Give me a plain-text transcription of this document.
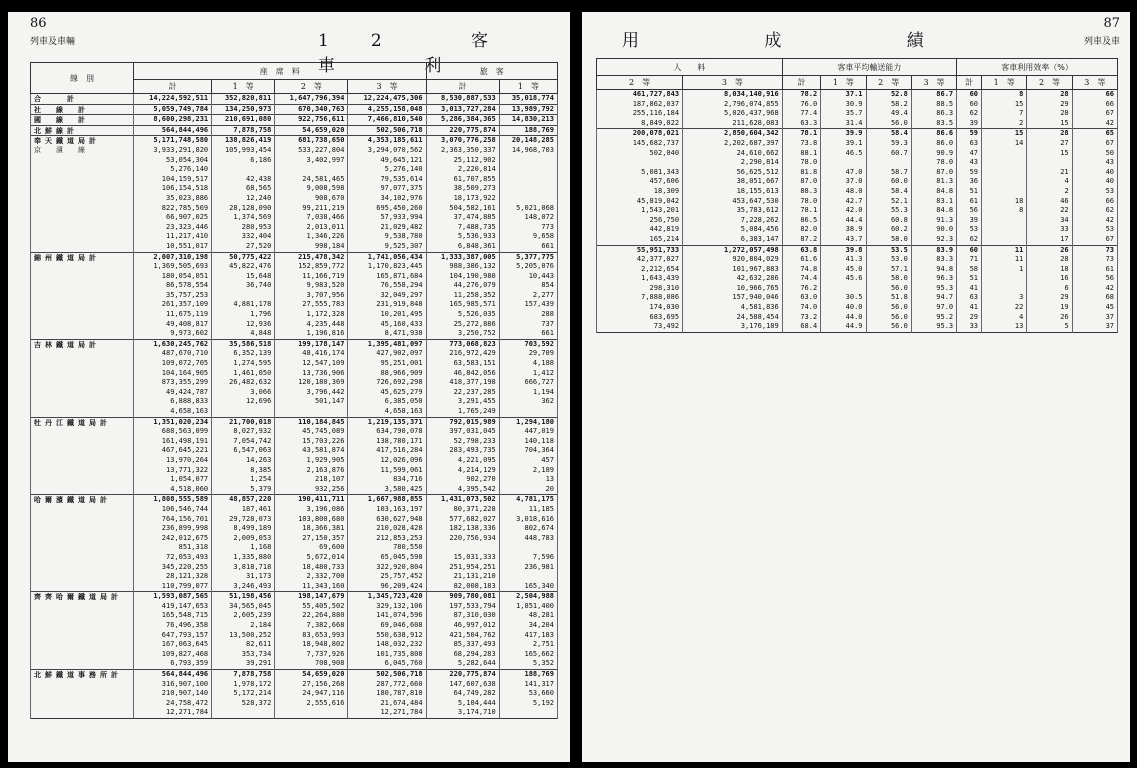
86
列車及車輛	12 客 車 利
線　別	座　席　料				旅　客	
	計	1　等	2　等	3　等	計	1　等
合　　計	14,224,592,511	352,820,811	1,647,796,394	12,224,475,306	8,530,887,533	35,018,774
社　線　計	5,059,749,784	134,250,973	670,340,763	4,255,158,048	3,013,727,284	13,989,792
國　線　計	8,600,298,231	210,691,080	922,756,611	7,466,810,540	5,286,384,365	14,830,213
北鮮線計	564,844,496	7,878,758	54,659,020	502,506,718	220,775,874	188,769
奉天鐵道局計	5,171,748,580	138,826,419	681,738,650	4,353,185,611	3,070,776,258	20,148,285
京　濱　線	3,933,291,820	105,993,454	533,227,804	3,294,070,562	2,363,350,337	14,968,703
	53,054,304	6,186	3,402,997	49,645,121	25,112,902	
	5,276,140			5,276,140	2,220,814	
	104,159,517	42,438	24,581,465	79,535,614	61,707,855	
	106,154,518	68,565	9,008,598	97,077,375	38,509,273	
	35,023,886	12,240	908,670	34,102,976	18,173,922	
	822,785,569	28,128,090	99,211,219	695,450,260	504,582,161	5,021,068
	66,907,025	1,374,569	7,038,466	57,933,994	37,474,885	148,072
	23,323,446	280,953	2,013,011	21,029,482	7,488,735	773
	11,217,410	332,404	1,346,226	9,538,780	5,536,933	9,658
	10,551,017	27,520	998,184	9,525,307	6,848,361	661
錦州鐵道局計	2,007,310,198	50,775,422	215,478,342	1,741,056,434	1,333,387,005	5,377,775
	1,369,505,693	45,822,476	152,859,772	1,170,823,445	988,386,132	5,205,076
	180,054,051	15,648	11,166,719	165,871,684	104,190,980	10,443
	86,578,554	36,740	9,983,520	76,558,294	44,276,079	854
	35,757,253		3,707,956	32,049,297	11,258,352	2,277
	261,357,109	4,881,178	27,555,783	231,919,848	165,985,571	157,439
	11,675,119	1,796	1,172,328	10,201,495	5,526,035	288
	49,408,817	12,936	4,235,448	45,160,433	25,272,886	737
	9,973,602	4,848	1,196,816	8,471,938	3,250,752	661
吉林鐵道局計	1,630,245,762	35,586,518	199,178,147	1,395,481,097	773,068,823	703,592
	487,670,710	6,352,139	48,416,174	427,902,097	216,972,429	29,709
	109,072,705	1,274,595	12,547,109	95,251,001	63,583,151	4,188
	104,164,905	1,461,050	13,736,906	88,966,909	46,842,056	1,412
	873,355,299	26,482,632	120,180,369	726,692,298	418,377,198	666,727
	49,424,787	3,066	3,796,442	45,625,279	22,237,285	1,194
	6,888,833	12,696	501,147	6,385,050	3,291,455	362
	4,658,163			4,658,163	1,765,249	
牡丹江鐵道局計	1,351,020,234	21,700,018	110,184,845	1,219,135,371	792,015,989	1,294,180
	688,563,099	8,027,932	45,745,089	634,790,078	397,031,045	447,019
	161,498,191	7,054,742	15,703,226	138,780,171	52,798,233	140,118
	467,645,221	6,547,063	43,581,874	417,516,284	283,493,735	704,364
	13,970,264	14,263	1,929,905	12,026,096	4,221,095	457
	13,771,322	8,385	2,163,876	11,599,061	4,214,129	2,189
	1,054,077	1,254	218,107	834,716	902,270	13
	4,518,060	5,379	932,256	3,580,425	4,395,542	20
哈爾濱鐵道局計	1,808,555,589	48,857,220	190,411,711	1,667,988,855	1,431,073,502	4,781,175
	106,546,744	187,461	3,196,086	103,163,197	80,371,228	11,185
	764,156,701	29,728,073	103,800,680	630,627,948	577,682,027	3,018,616
	236,899,998	8,499,189	18,366,381	210,028,428	182,138,336	802,674
	242,012,675	2,009,053	27,150,357	212,853,253	220,756,934	448,783
	851,318	1,168	69,600	780,550		
	72,053,493	1,335,880	5,672,014	65,045,598	15,031,333	7,596
	345,220,255	3,818,718	18,480,733	322,920,804	251,954,251	236,981
	28,121,328	31,173	2,332,700	25,757,452	21,131,210	
	110,799,077	3,246,493	11,343,160	96,209,424	82,008,183	165,340
齊齊哈爾鐵道局計	1,593,087,565	51,198,456	198,147,679	1,345,723,420	909,780,081	2,504,988
	419,147,653	34,565,045	55,405,502	329,132,106	197,533,794	1,851,400
	165,548,715	2,605,239	22,264,880	141,074,596	87,310,030	48,281
	76,496,358	2,184	7,382,668	69,046,608	46,997,012	34,204
	647,793,157	13,500,252	83,653,993	550,638,912	421,504,762	417,183
	167,063,645	82,611	18,948,802	148,032,232	85,337,493	2,751
	109,827,468	353,734	7,737,926	101,735,808	68,294,283	165,662
	6,793,359	39,291	708,908	6,045,760	5,282,644	5,352
北鮮鐵道事務所計	564,844,496	7,878,758	54,659,020	502,506,718	220,775,874	188,769
	316,907,100	1,978,172	27,156,268	287,772,660	147,607,638	141,317
	210,907,140	5,172,214	24,947,116	180,787,810	64,749,282	53,660
	24,758,472	528,372	2,555,616	21,674,484	5,104,444	5,192
	12,271,784			12,271,784	3,174,710	
用 成 績
87
列車及車
人　　料		客車平均輸送能力				客車利用效率（%）			
2　等	3　等	計	1　等	2　等	3　等	計	1　等	2　等	3　等
461,727,843	8,034,140,916	78.2	37.1	52.8	86.7	60	8	28	66
187,862,037	2,796,074,855	76.0	30.9	58.2	88.5	60	15	29	66
255,116,184	5,026,437,968	77.4	35.7	49.4	86.3	62	7	28	67
8,849,022	211,628,083	63.3	31.4	56.0	83.5	39	2	15	42
200,078,021	2,850,604,342	78.1	39.9	58.4	86.6	59	15	28	65
145,682,737	2,202,687,397	73.8	39.1	59.3	86.0	63	14	27	67
502,040	24,610,662	88.1	46.5	60.7	90.9	47		15	50
	2,290,814	78.0			78.0	43			43
5,081,343	56,625,512	81.8	47.0	58.7	87.0	59		21	40
457,606	38,051,667	87.0	37.0	60.0	81.3	36		4	40
18,309	18,155,613	88.3	48.0	58.4	84.8	51		2	53
45,819,042	453,647,530	78.0	42.7	52.1	83.1	61	18	46	66
1,543,201	35,783,612	78.1	42.0	55.3	84.8	56	8	22	62
256,750	7,228,262	86.5	44.4	60.8	91.3	39		34	42
442,819	5,084,456	82.0	38.9	60.2	90.0	53		33	53
165,214	6,383,147	87.2	43.7	58.0	92.3	62		17	67
55,951,733	1,272,057,498	63.8	39.8	53.5	83.9	60	11	26	73
42,377,027	920,804,029	61.6	41.3	53.0	83.3	71	11	28	73
2,212,654	101,967,883	74.8	45.0	57.1	94.8	58	1	18	61
1,643,439	42,632,286	74.4	45.6	58.0	96.3	51		16	56
298,310	10,966,765	76.2		56.0	95.3	41		6	42
7,888,086	157,940,046	63.0	30.5	51.8	94.7	63	3	29	68
174,030	4,581,836	74.0	40.0	56.0	97.0	41	22	19	45
683,695	24,588,454	73.2	44.0	56.0	95.2	29	4	26	37
73,492	3,176,189	68.4	44.9	56.0	95.3	33	13	5	37
